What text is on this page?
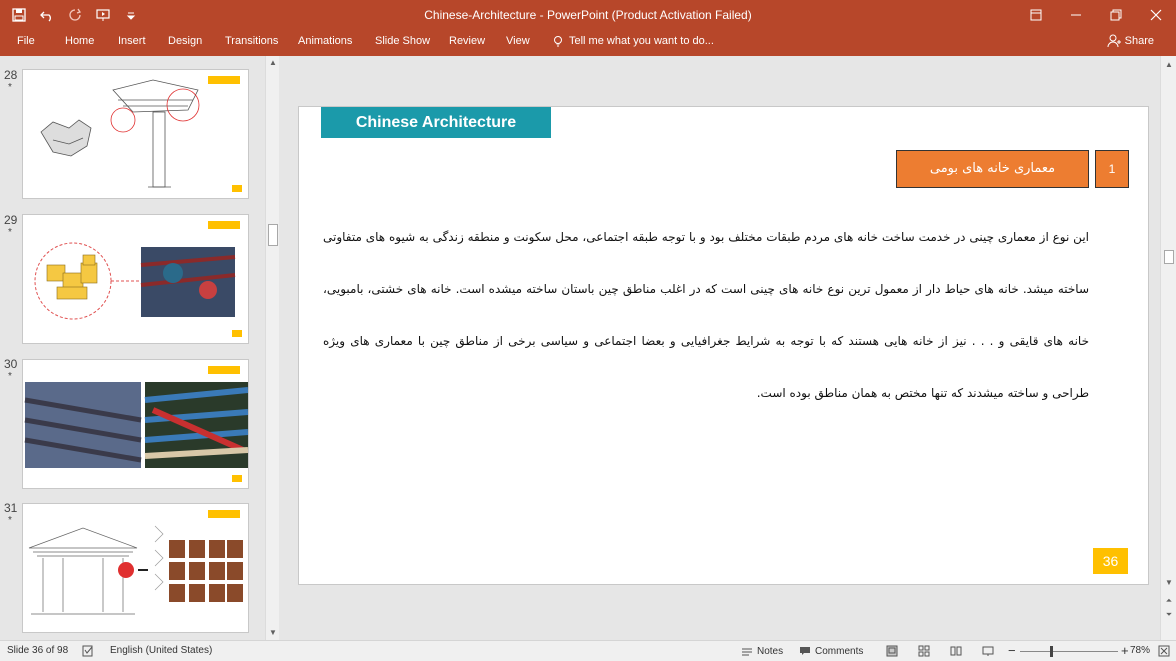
Chinese-Architecture - PowerPoint (Product Activation Failed)
File	Home Insert Design Transitions Animations Slide Show Review View	Tell me what you want to do...	Share
28
*
29
*
30
*
31
*
▲
▼
Chinese Architecture
معماری خانه های بومی	1
این نوع از معماری چینی در خدمت ساخت خانه های مردم طبقات مختلف بود و با توجه طبقه اجتماعی، محل سکونت و منطقه زندگی به شیوه های متفاوتی ساخته میشد. خانه های حیاط دار از معمول ترین نوع خانه های چینی است که در اغلب مناطق چین باستان ساخته میشده است. خانه های خشتی، بامبویی، خانه های قایقی و . . . نیز از خانه هایی هستند که با توجه به شرایط جغرافیایی و بعضا اجتماعی و سیاسی برخی از مناطق چین با معماری های ویژه طراحی و ساخته میشدند که تنها مختص به همان مناطق بوده است.
36
▲
▼
⏶
⏷
Slide 36 of 98	English (United States)	Notes	Comments	−	+ 78%
